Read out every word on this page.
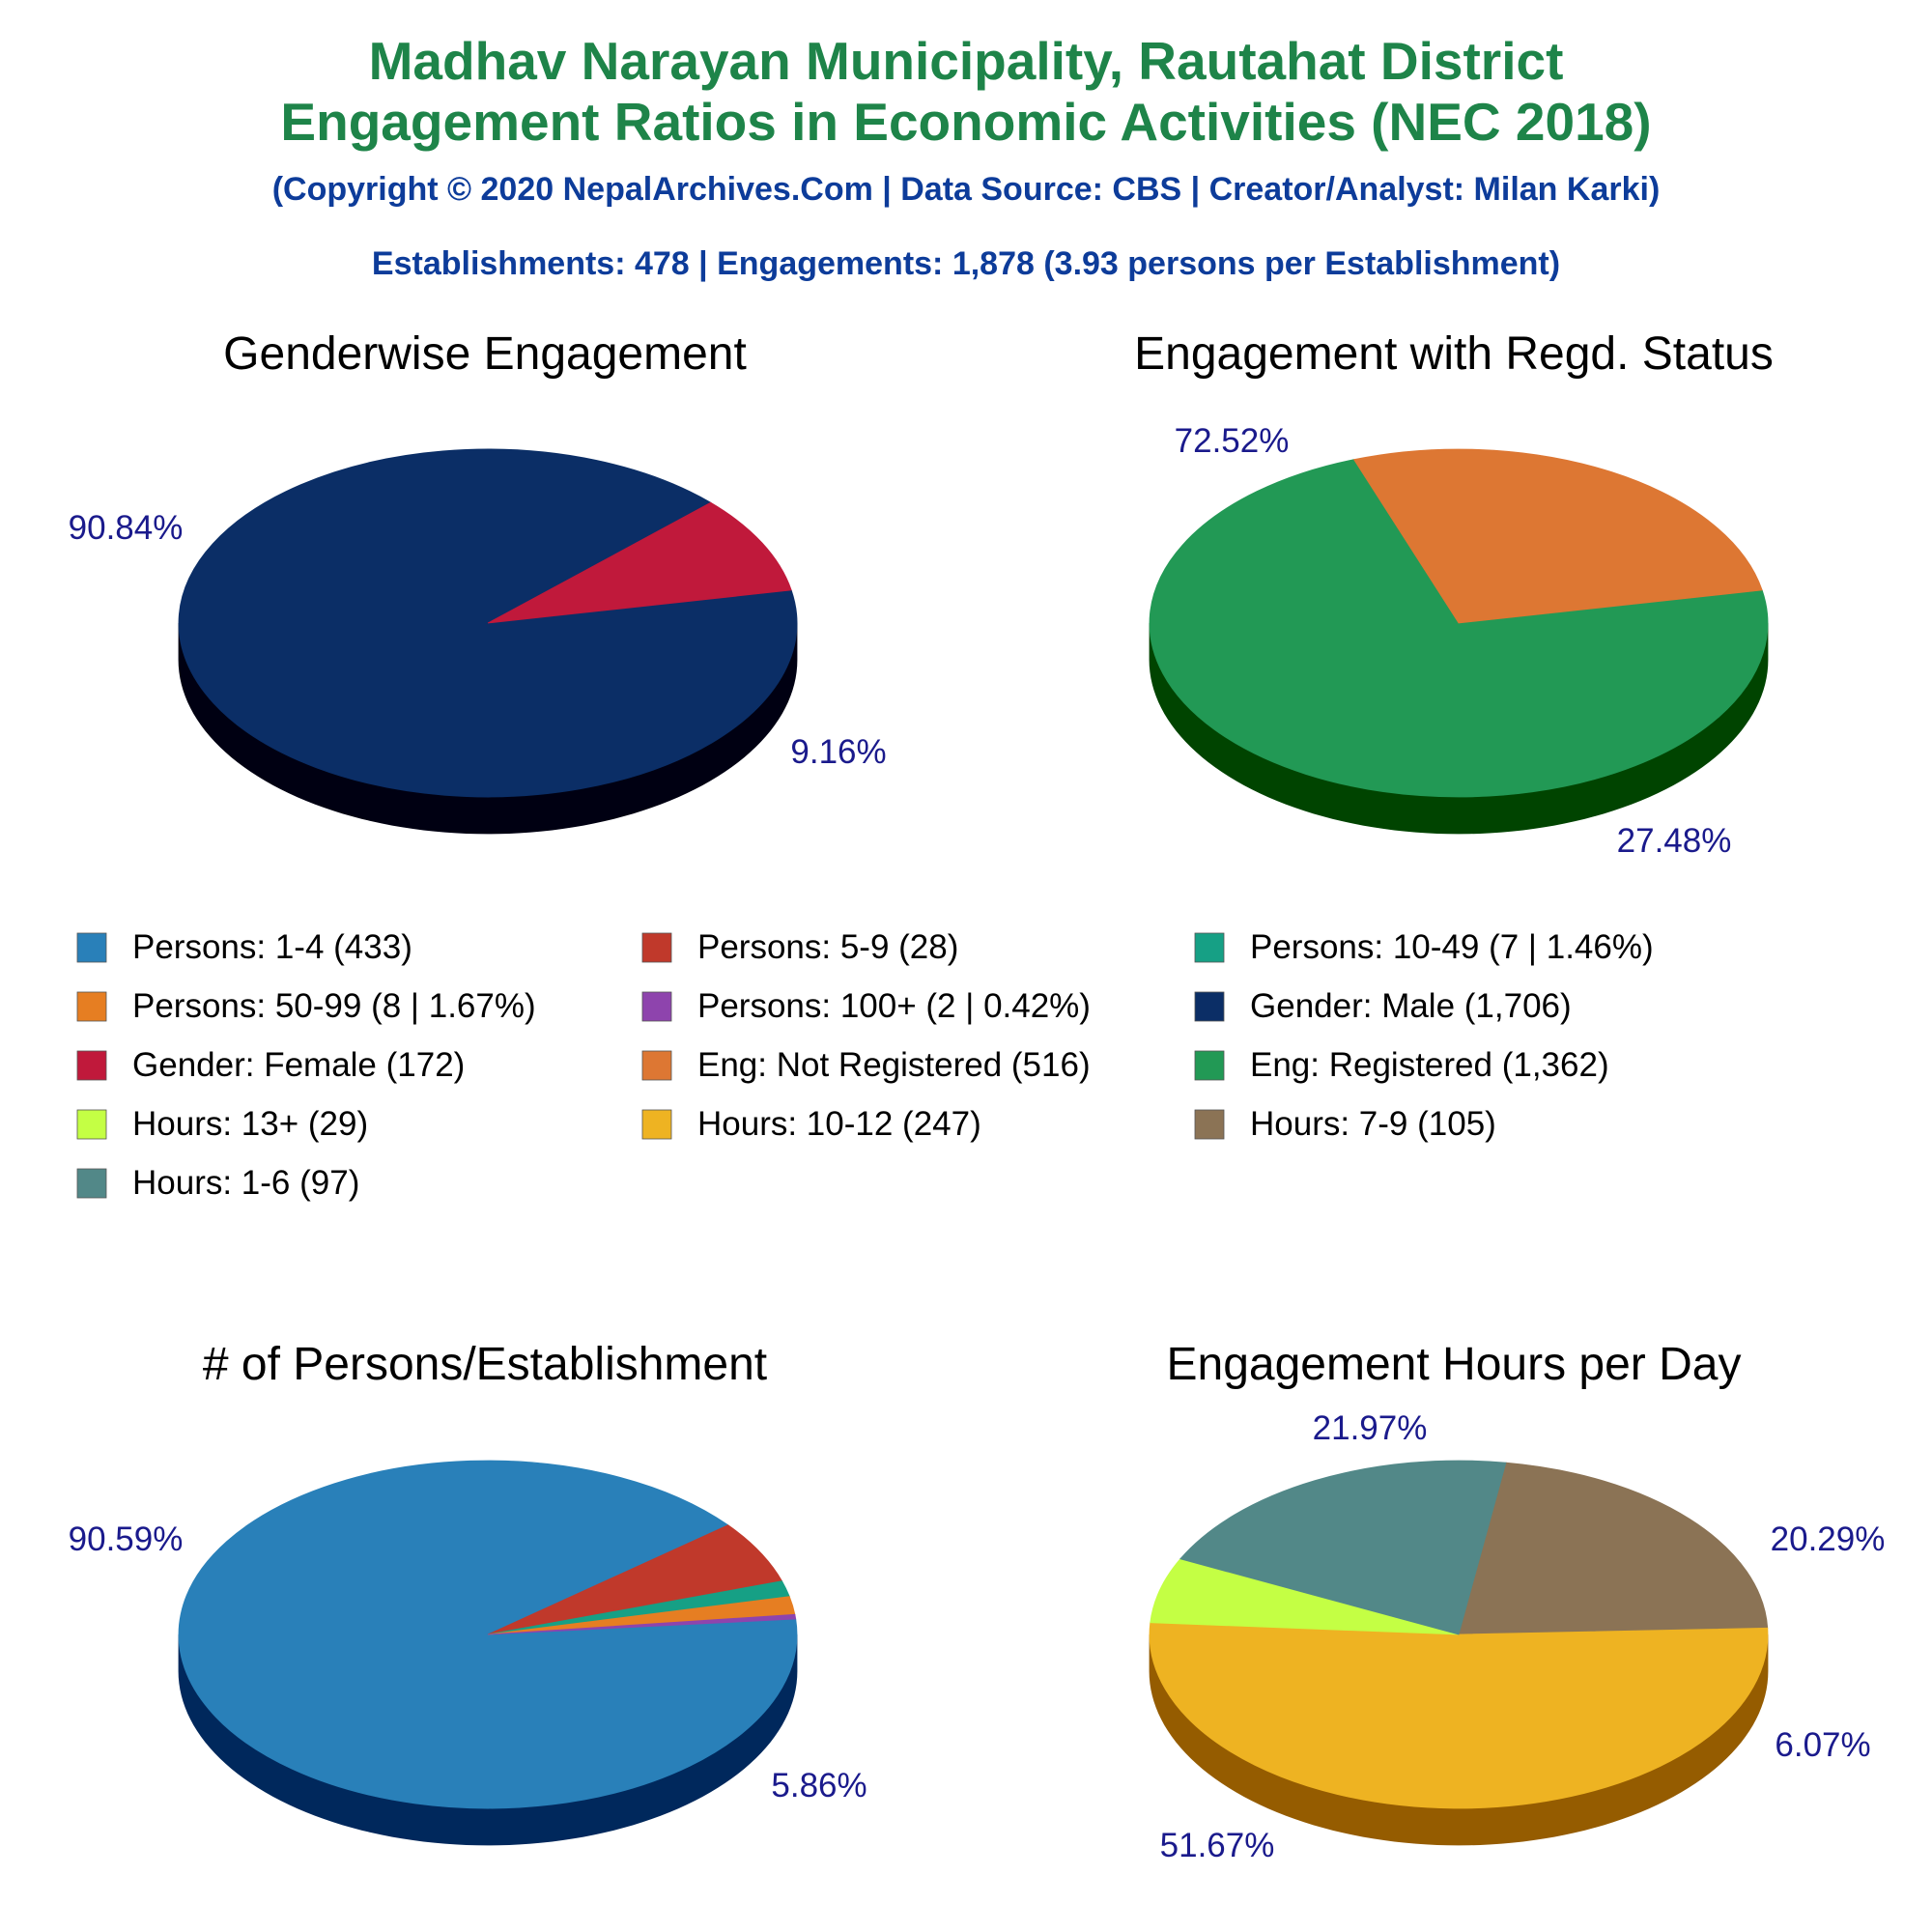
Madhav Narayan Municipality, Rautahat District
Engagement Ratios in Economic Activities (NEC 2018)
(Copyright © 2020 NepalArchives.Com | Data Source: CBS | Creator/Analyst: Milan Karki)
Establishments: 478 | Engagements: 1,878 (3.93 persons per Establishment)
Genderwise Engagement	Engagement with Regd. Status
# of Persons/Establishment	Engagement Hours per Day
90.84%
9.16%
72.52%
27.48%
90.59%
5.86%
21.97%
51.67%
6.07%
20.29%
Persons: 1-4 (433)	Persons: 5-9 (28)	Persons: 10-49 (7 | 1.46%)
Persons: 50-99 (8 | 1.67%)	Persons: 100+ (2 | 0.42%)	Gender: Male (1,706)
Gender: Female (172)	Eng: Not Registered (516)	Eng: Registered (1,362)
Hours: 13+ (29)	Hours: 10-12 (247)	Hours: 7-9 (105)
Hours: 1-6 (97)
